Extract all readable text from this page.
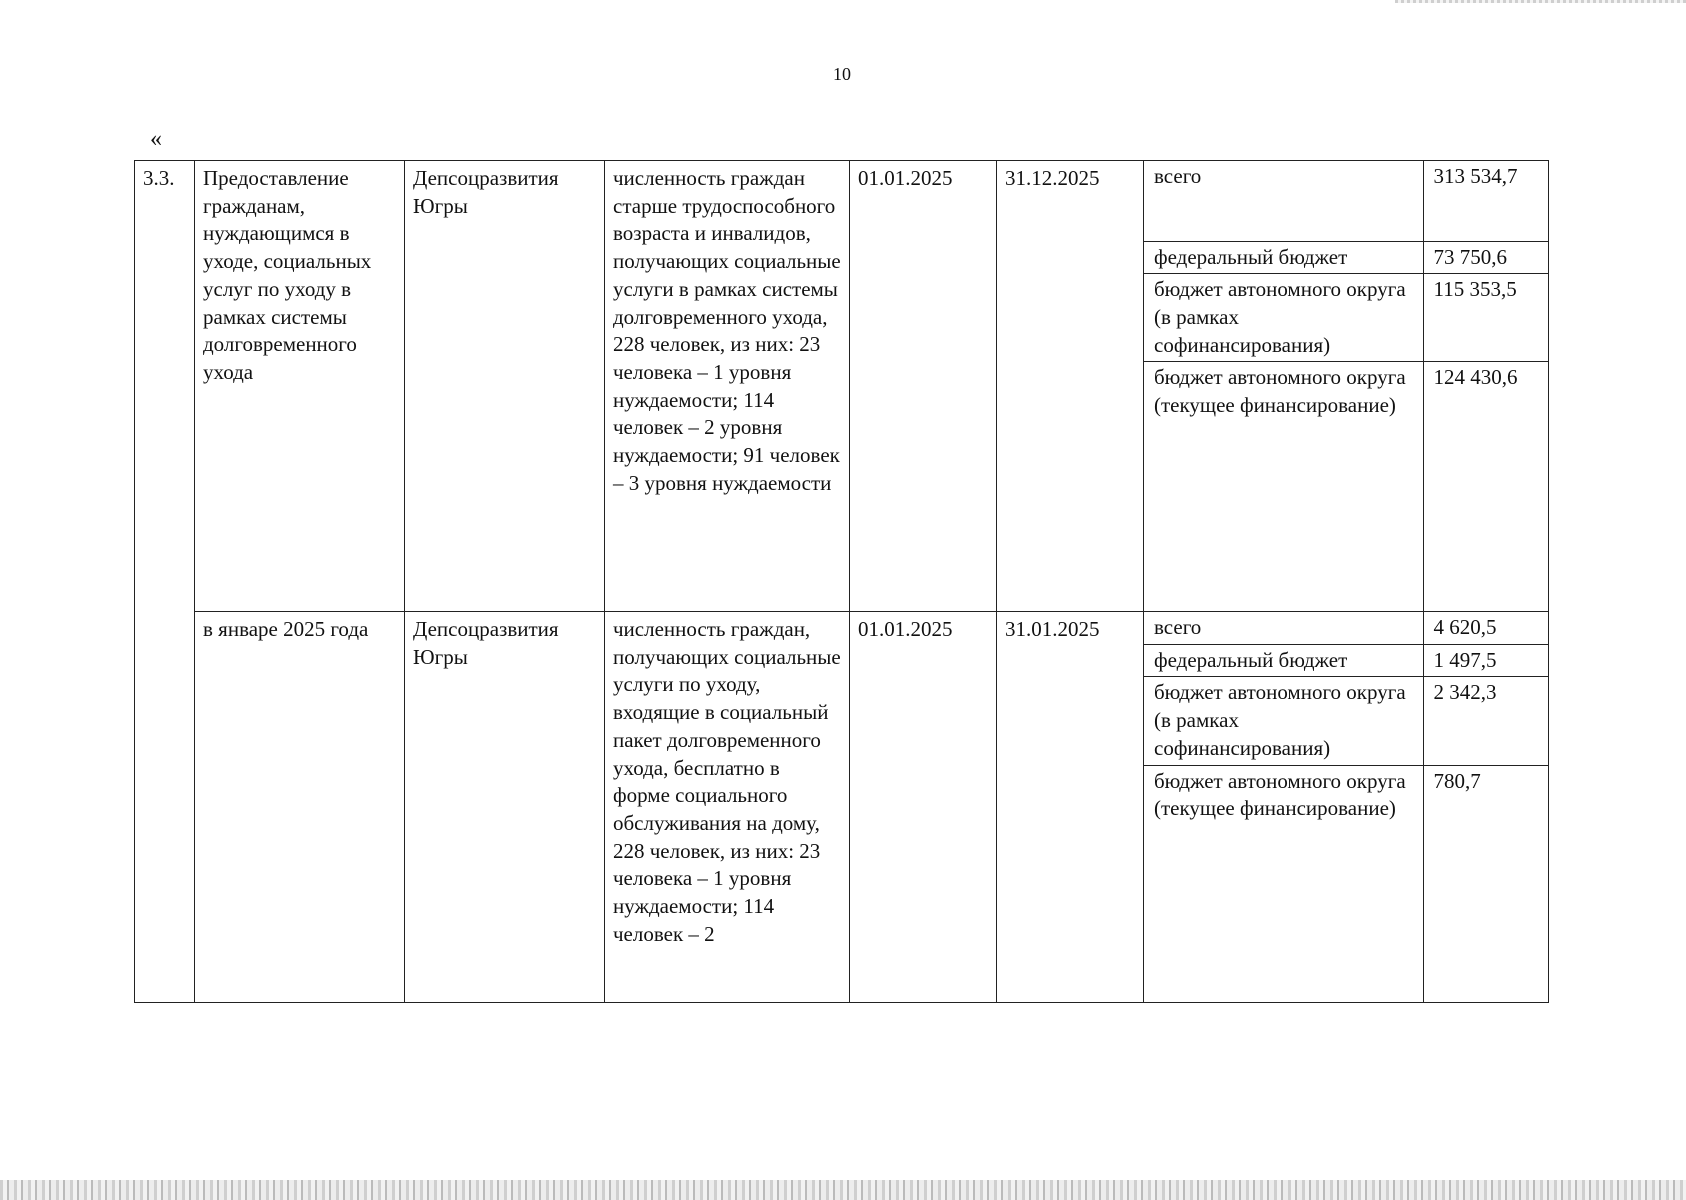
10
«
3.3.	Предоставление гражданам, нуждающимся в уходе, социальных услуг по уходу в рамках системы долговременного ухода	Депсоцразвития Югры	численность граждан старше трудоспособного возраста и инвалидов, получающих социальные услуги в рамках системы долговременного ухода, 228 человек, из них: 23 человека – 1 уровня нуждаемости; 114 человек – 2 уровня нуждаемости; 91 человек – 3 уровня нуждаемости	01.01.2025	31.12.2025		всего	313 534,7
федеральный бюджет	73 750,6
бюджет автономного округа (в рамках софинансирования)	115 353,5
бюджет автономного округа (текущее финансирование)	124 430,6

в январе 2025 года	Депсоцразвития Югры	численность граждан, получающих социальные услуги по уходу, входящие в социальный пакет долговременного ухода, бесплатно в форме социального обслуживания на дому, 228 человек, из них: 23 человека – 1 уровня нуждаемости; 114 человек – 2	01.01.2025	31.01.2025		всего	4 620,5
федеральный бюджет	1 497,5
бюджет автономного округа (в рамках софинансирования)	2 342,3
бюджет автономного округа (текущее финансирование)	780,7
